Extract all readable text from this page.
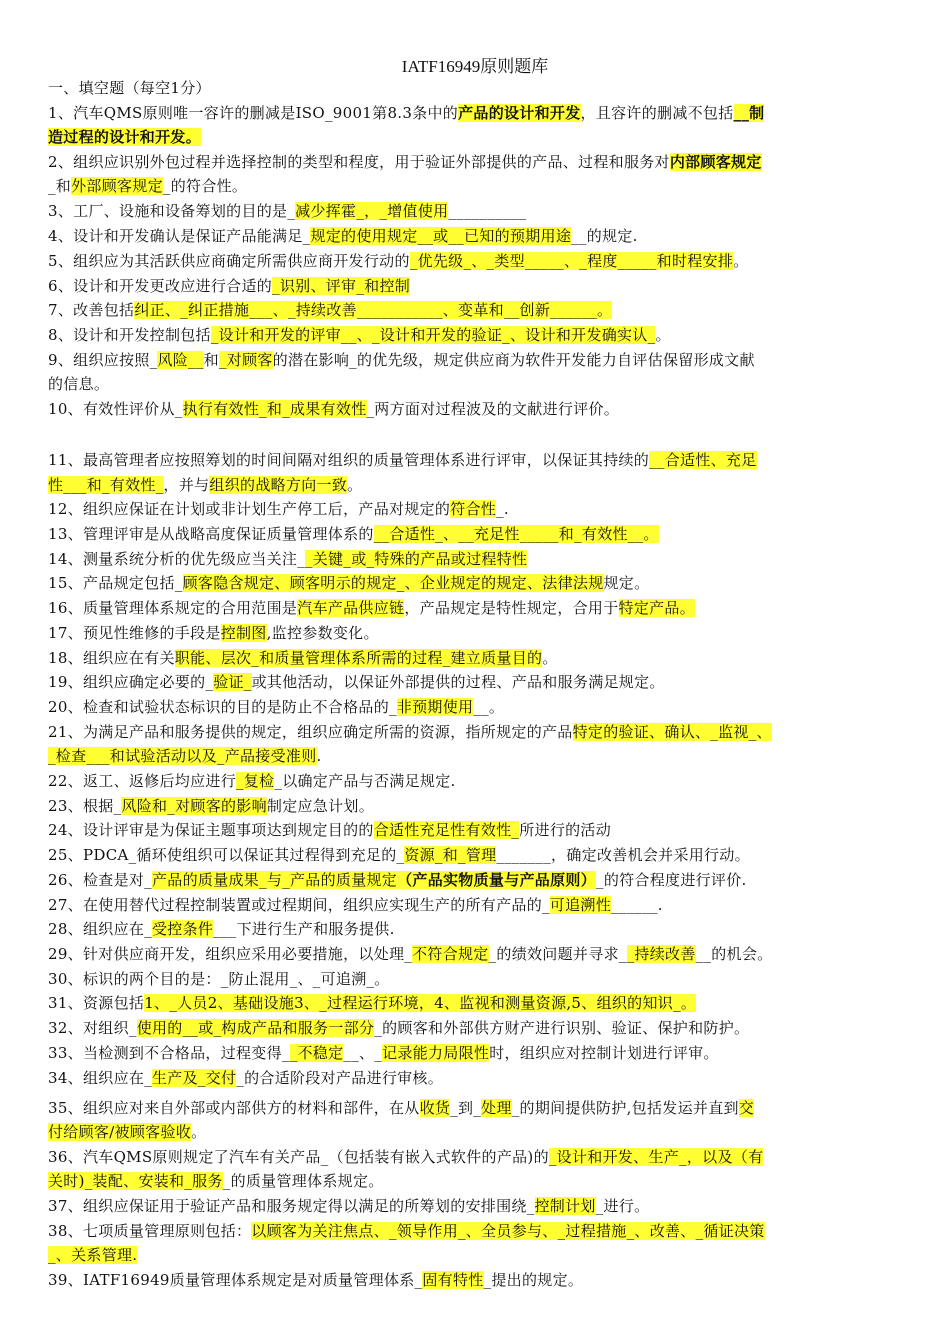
IATF16949原则题库
一、填空题（每空1分）
1、汽车QMS原则唯一容许的删减是ISO_9001第8.3条中的产品的设计和开发，且容许的删减不包括__制
造过程的设计和开发。
2、组织应识别外包过程并选择控制的类型和程度，用于验证外部提供的产品、过程和服务对内部顾客规定
_和外部顾客规定_的符合性。
3、工厂、设施和设备筹划的目的是_减少挥霍_，_增值使用__________
4、设计和开发确认是保证产品能满足_规定的使用规定__或__已知的预期用途__的规定.
5、组织应为其活跃供应商确定所需供应商开发行动的_优先级_、_类型_____、_程度_____和时程安排。
6、设计和开发更改应进行合适的_识别、评审_和控制
7、改善包括纠正、_纠正措施___、_持续改善___________、变革和__创新______。
8、设计和开发控制包括_设计和开发的评审__、_设计和开发的验证_、设计和开发确实认_。
9、组织应按照_风险__和_对顾客的潜在影响_的优先级，规定供应商为软件开发能力自评估保留形成文献
的信息。
10、有效性评价从_执行有效性_和_成果有效性_两方面对过程波及的文献进行评价。
11、最高管理者应按照筹划的时间间隔对组织的质量管理体系进行评审，以保证其持续的__合适性、充足
性___和_有效性_，并与组织的战略方向一致。
12、组织应保证在计划或非计划生产停工后，产品对规定的符合性_.
13、管理评审是从战略高度保证质量管理体系的__合适性_、__充足性_____和_有效性__。
14、测量系统分析的优先级应当关注__关键_或_特殊的产品或过程特性
15、产品规定包括_顾客隐含规定、顾客明示的规定_、企业规定的规定、法律法规规定。
16、质量管理体系规定的合用范围是汽车产品供应链，产品规定是特性规定，合用于特定产品。
17、预见性维修的手段是控制图,监控参数变化。
18、组织应在有关职能、层次_和质量管理体系所需的过程_建立质量目的。
19、组织应确定必要的_验证_或其他活动，以保证外部提供的过程、产品和服务满足规定。
20、检查和试验状态标识的目的是防止不合格品的_非预期使用__。
21、为满足产品和服务提供的规定，组织应确定所需的资源，指所规定的产品特定的验证、确认、_监视_、
_检查___和试验活动以及_产品接受准则.
22、返工、返修后均应进行_复检_以确定产品与否满足规定.
23、根据_风险和_对顾客的影响制定应急计划。
24、设计评审是为保证主题事项达到规定目的的合适性充足性有效性_所进行的活动
25、PDCA_循环使组织可以保证其过程得到充足的_资源_和_管理_______，确定改善机会并采用行动。
26、检查是对_产品的质量成果_与_产品的质量规定（产品实物质量与产品原则）_的符合程度进行评价.
27、在使用替代过程控制装置或过程期间，组织应实现生产的所有产品的_可追溯性______.
28、组织应在_受控条件___下进行生产和服务提供.
29、针对供应商开发，组织应采用必要措施，以处理_不符合规定_的绩效问题并寻求__持续改善__的机会。
30、标识的两个目的是：_防止混用_、_可追溯_。
31、资源包括1、_人员2、基础设施3、_过程运行环境，4、监视和测量资源,5、组织的知识_。
32、对组织_使用的__或_构成产品和服务一部分_的顾客和外部供方财产进行识别、验证、保护和防护。
33、当检测到不合格品，过程变得__不稳定__、_记录能力局限性时，组织应对控制计划进行评审。
34、组织应在_生产及_交付_的合适阶段对产品进行审核。
35、组织应对来自外部或内部供方的材料和部件，在从收货_到_处理_的期间提供防护,包括发运并直到交
付给顾客/被顾客验收。
36、汽车QMS原则规定了汽车有关产品_（包括装有嵌入式软件的产品)的_设计和开发、生产_，以及（有
关时)_装配、安装和_服务_的质量管理体系规定。
37、组织应保证用于验证产品和服务规定得以满足的所筹划的安排围绕_控制计划_进行。
38、七项质量管理原则包括：以顾客为关注焦点、_领导作用_、全员参与、_过程措施_、改善、_循证决策
_、关系管理.
39、IATF16949质量管理体系规定是对质量管理体系_固有特性_提出的规定。
